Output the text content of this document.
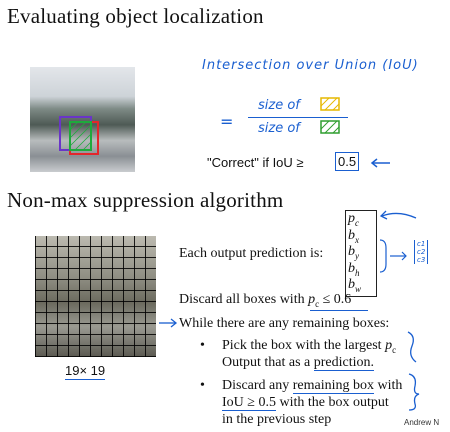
Evaluating object localization
Non-max suppression algorithm
Intersection over Union (IoU)
=
size of
size of
"Correct" if IoU ≥	0.5
19× 19
Each output prediction is:
$p_c$
$b_x$
$b_y$
$b_h$
$b_w$
c1
c2
c3
Discard all boxes with $p_c \le 0.6$
While there are any remaining boxes:
• Pick the box with the largest $p_c$
Output that as a prediction.
• Discard any remaining box with
IoU ≥ 0.5 with the box output
in the previous step	Andrew N
